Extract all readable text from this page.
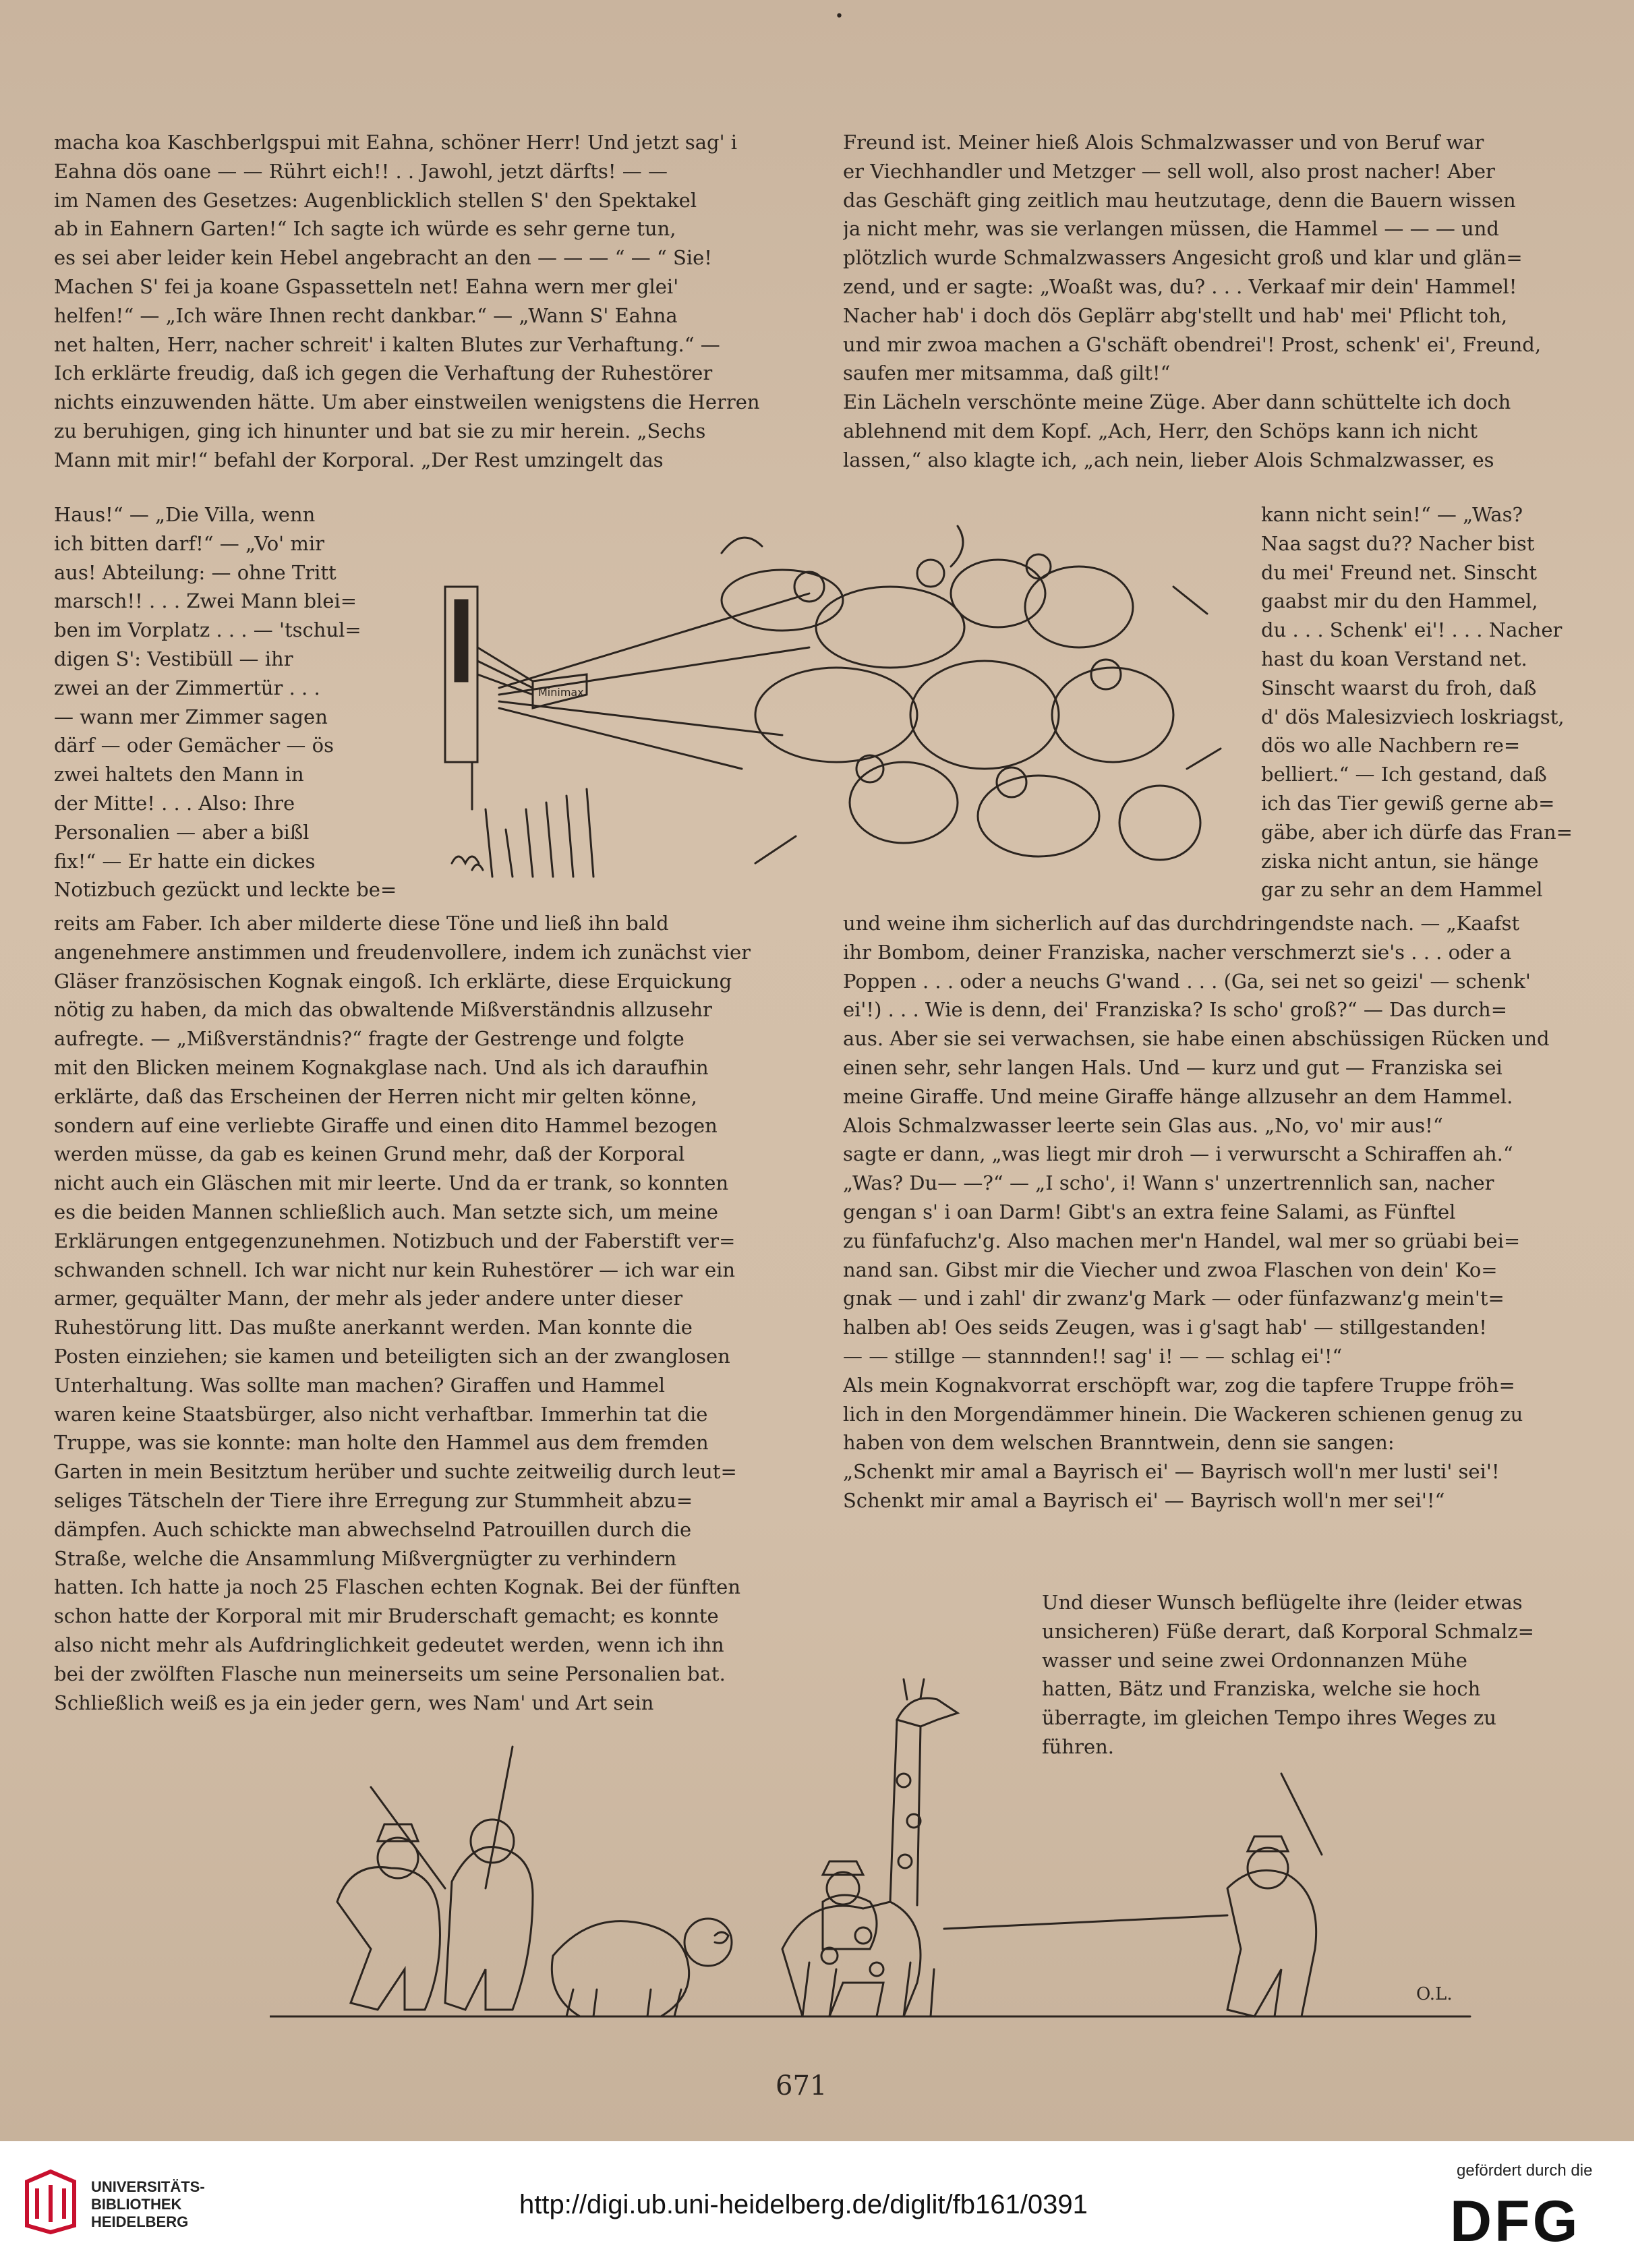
•
macha koa Kaschberlgspui mit Eahna, schöner Herr! Und jetzt sag' i
Eahna dös oane — — Rührt eich!! . . Jawohl, jetzt därfts! — —
im Namen des Gesetzes: Augenblicklich stellen S' den Spektakel
ab in Eahnern Garten!“ Ich sagte ich würde es sehr gerne tun,
es sei aber leider kein Hebel angebracht an den — — — “ — “ Sie!
Machen S' fei ja koane Gspassetteln net! Eahna wern mer glei'
helfen!“ — „Ich wäre Ihnen recht dankbar.“ — „Wann S' Eahna
net halten, Herr, nacher schreit' i kalten Blutes zur Verhaftung.“ —
Ich erklärte freudig, daß ich gegen die Verhaftung der Ruhestörer
nichts einzuwenden hätte. Um aber einstweilen wenigstens die Herren
zu beruhigen, ging ich hinunter und bat sie zu mir herein. „Sechs
Mann mit mir!“ befahl der Korporal. „Der Rest umzingelt das
Haus!“ — „Die Villa, wenn
ich bitten darf!“ — „Vo' mir
aus! Abteilung: — ohne Tritt
marsch!! . . . Zwei Mann blei=
ben im Vorplatz . . . — 'tschul=
digen S': Vestibüll — ihr
zwei an der Zimmertür . . .
— wann mer Zimmer sagen
därf — oder Gemächer — ös
zwei haltets den Mann in
der Mitte! . . . Also: Ihre
Personalien — aber a bißl
fix!“ — Er hatte ein dickes
Notizbuch gezückt und leckte be=
reits am Faber. Ich aber milderte diese Töne und ließ ihn bald
angenehmere anstimmen und freudenvollere, indem ich zunächst vier
Gläser französischen Kognak eingoß. Ich erklärte, diese Erquickung
nötig zu haben, da mich das obwaltende Mißverständnis allzusehr
aufregte. — „Mißverständnis?“ fragte der Gestrenge und folgte
mit den Blicken meinem Kognakglase nach. Und als ich daraufhin
erklärte, daß das Erscheinen der Herren nicht mir gelten könne,
sondern auf eine verliebte Giraffe und einen dito Hammel bezogen
werden müsse, da gab es keinen Grund mehr, daß der Korporal
nicht auch ein Gläschen mit mir leerte. Und da er trank, so konnten
es die beiden Mannen schließlich auch. Man setzte sich, um meine
Erklärungen entgegenzunehmen. Notizbuch und der Faberstift ver=
schwanden schnell. Ich war nicht nur kein Ruhestörer — ich war ein
armer, gequälter Mann, der mehr als jeder andere unter dieser
Ruhestörung litt. Das mußte anerkannt werden. Man konnte die
Posten einziehen; sie kamen und beteiligten sich an der zwanglosen
Unterhaltung. Was sollte man machen? Giraffen und Hammel
waren keine Staatsbürger, also nicht verhaftbar. Immerhin tat die
Truppe, was sie konnte: man holte den Hammel aus dem fremden
Garten in mein Besitztum herüber und suchte zeitweilig durch leut=
seliges Tätscheln der Tiere ihre Erregung zur Stummheit abzu=
dämpfen. Auch schickte man abwechselnd Patrouillen durch die
Straße, welche die Ansammlung Mißvergnügter zu verhindern
hatten. Ich hatte ja noch 25 Flaschen echten Kognak. Bei der fünften
schon hatte der Korporal mit mir Bruderschaft gemacht; es konnte
also nicht mehr als Aufdringlichkeit gedeutet werden, wenn ich ihn
bei der zwölften Flasche nun meinerseits um seine Personalien bat.
Schließlich weiß es ja ein jeder gern, wes Nam' und Art sein
Freund ist. Meiner hieß Alois Schmalzwasser und von Beruf war
er Viechhandler und Metzger — sell woll, also prost nacher! Aber
das Geschäft ging zeitlich mau heutzutage, denn die Bauern wissen
ja nicht mehr, was sie verlangen müssen, die Hammel — — — und
plötzlich wurde Schmalzwassers Angesicht groß und klar und glän=
zend, und er sagte: „Woaßt was, du? . . . Verkaaf mir dein' Hammel!
Nacher hab' i doch dös Geplärr abg'stellt und hab' mei' Pflicht toh,
und mir zwoa machen a G'schäft obendrei'! Prost, schenk' ei', Freund,
saufen mer mitsamma, daß gilt!“
Ein Lächeln verschönte meine Züge. Aber dann schüttelte ich doch
ablehnend mit dem Kopf. „Ach, Herr, den Schöps kann ich nicht
lassen,“ also klagte ich, „ach nein, lieber Alois Schmalzwasser, es
kann nicht sein!“ — „Was?
Naa sagst du?? Nacher bist
du mei' Freund net. Sinscht
gaabst mir du den Hammel,
du . . . Schenk' ei'! . . . Nacher
hast du koan Verstand net.
Sinscht waarst du froh, daß
d' dös Malesizviech loskriagst,
dös wo alle Nachbern re=
belliert.“ — Ich gestand, daß
ich das Tier gewiß gerne ab=
gäbe, aber ich dürfe das Fran=
ziska nicht antun, sie hänge
gar zu sehr an dem Hammel
und weine ihm sicherlich auf das durchdringendste nach. — „Kaafst
ihr Bombom, deiner Franziska, nacher verschmerzt sie's . . . oder a
Poppen . . . oder a neuchs G'wand . . . (Ga, sei net so geizi' — schenk'
ei'!) . . . Wie is denn, dei' Franziska? Is scho' groß?“ — Das durch=
aus. Aber sie sei verwachsen, sie habe einen abschüssigen Rücken und
einen sehr, sehr langen Hals. Und — kurz und gut — Franziska sei
meine Giraffe. Und meine Giraffe hänge allzusehr an dem Hammel.
Alois Schmalzwasser leerte sein Glas aus. „No, vo' mir aus!“
sagte er dann, „was liegt mir droh — i verwurscht a Schiraffen ah.“
„Was? Du— —?“ — „I scho', i! Wann s' unzertrennlich san, nacher
gengan s' i oan Darm! Gibt's an extra feine Salami, as Fünftel
zu fünfafuchz'g. Also machen mer'n Handel, wal mer so grüabi bei=
nand san. Gibst mir die Viecher und zwoa Flaschen von dein' Ko=
gnak — und i zahl' dir zwanz'g Mark — oder fünfazwanz'g mein't=
halben ab! Oes seids Zeugen, was i g'sagt hab' — stillgestanden!
— — stillge — stannnden!! sag' i! — — schlag ei'!“
Als mein Kognakvorrat erschöpft war, zog die tapfere Truppe fröh=
lich in den Morgendämmer hinein. Die Wackeren schienen genug zu
haben von dem welschen Branntwein, denn sie sangen:
„Schenkt mir amal a Bayrisch ei' — Bayrisch woll'n mer lusti' sei'!
Schenkt mir amal a Bayrisch ei' — Bayrisch woll'n mer sei'!“
Und dieser Wunsch beflügelte ihre (leider etwas
unsicheren) Füße derart, daß Korporal Schmalz=
wasser und seine zwei Ordonnanzen Mühe
hatten, Bätz und Franziska, welche sie hoch
überragte, im gleichen Tempo ihres Weges zu
führen.
Minimax
O.L.
671
UNIVERSITÄTS-
BIBLIOTHEK
HEIDELBERG
http://digi.ub.uni-heidelberg.de/diglit/fb161/0391
gefördert durch die
DFG
